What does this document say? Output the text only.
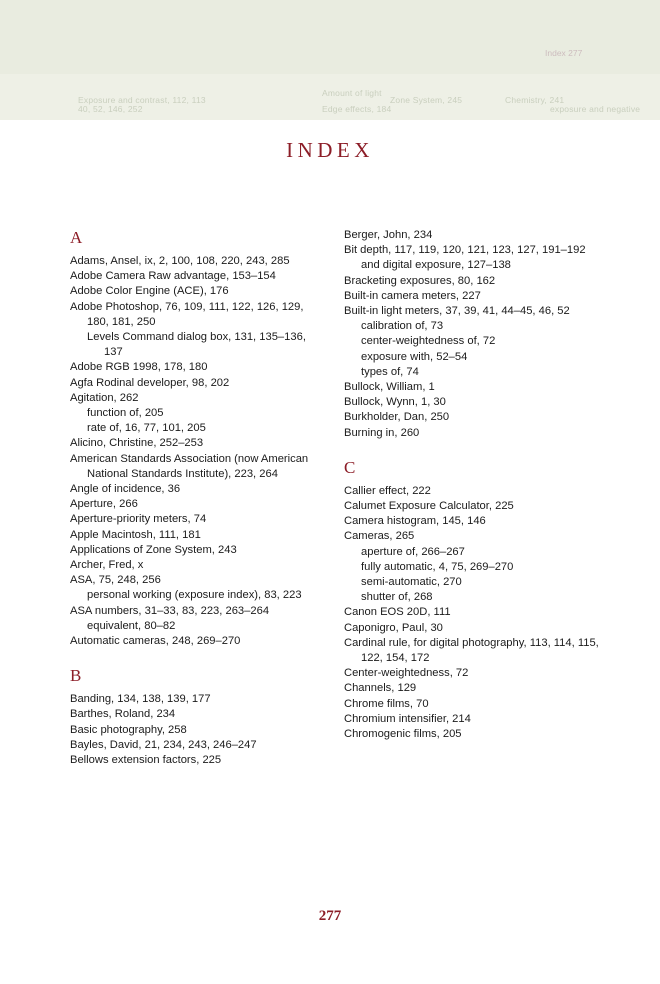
Index 277
Exposure and contrast, 112, 113
Amount of light
Zone System, 245	Chemistry, 241
exposure and negative
Edge effects, 184
40, 52, 146, 252
INDEX
A
Adams, Ansel, ix, 2, 100, 108, 220, 243, 285
Adobe Camera Raw advantage, 153–154
Adobe Color Engine (ACE), 176
Adobe Photoshop, 76, 109, 111, 122, 126, 129, 180, 181, 250
Levels Command dialog box, 131, 135–136, 137
Adobe RGB 1998, 178, 180
Agfa Rodinal developer, 98, 202
Agitation, 262
function of, 205
rate of, 16, 77, 101, 205
Alicino, Christine, 252–253
American Standards Association (now American National Standards Institute), 223, 264
Angle of incidence, 36
Aperture, 266
Aperture-priority meters, 74
Apple Macintosh, 111, 181
Applications of Zone System, 243
Archer, Fred, x
ASA, 75, 248, 256
personal working (exposure index), 83, 223
ASA numbers, 31–33, 83, 223, 263–264
equivalent, 80–82
Automatic cameras, 248, 269–270
B
Banding, 134, 138, 139, 177
Barthes, Roland, 234
Basic photography, 258
Bayles, David, 21, 234, 243, 246–247
Bellows extension factors, 225
Berger, John, 234
Bit depth, 117, 119, 120, 121, 123, 127, 191–192
and digital exposure, 127–138
Bracketing exposures, 80, 162
Built-in camera meters, 227
Built-in light meters, 37, 39, 41, 44–45, 46, 52
calibration of, 73
center-weightedness of, 72
exposure with, 52–54
types of, 74
Bullock, William, 1
Bullock, Wynn, 1, 30
Burkholder, Dan, 250
Burning in, 260
C
Callier effect, 222
Calumet Exposure Calculator, 225
Camera histogram, 145, 146
Cameras, 265
aperture of, 266–267
fully automatic, 4, 75, 269–270
semi-automatic, 270
shutter of, 268
Canon EOS 20D, 111
Caponigro, Paul, 30
Cardinal rule, for digital photography, 113, 114, 115, 122, 154, 172
Center-weightedness, 72
Channels, 129
Chrome films, 70
Chromium intensifier, 214
Chromogenic films, 205
277
